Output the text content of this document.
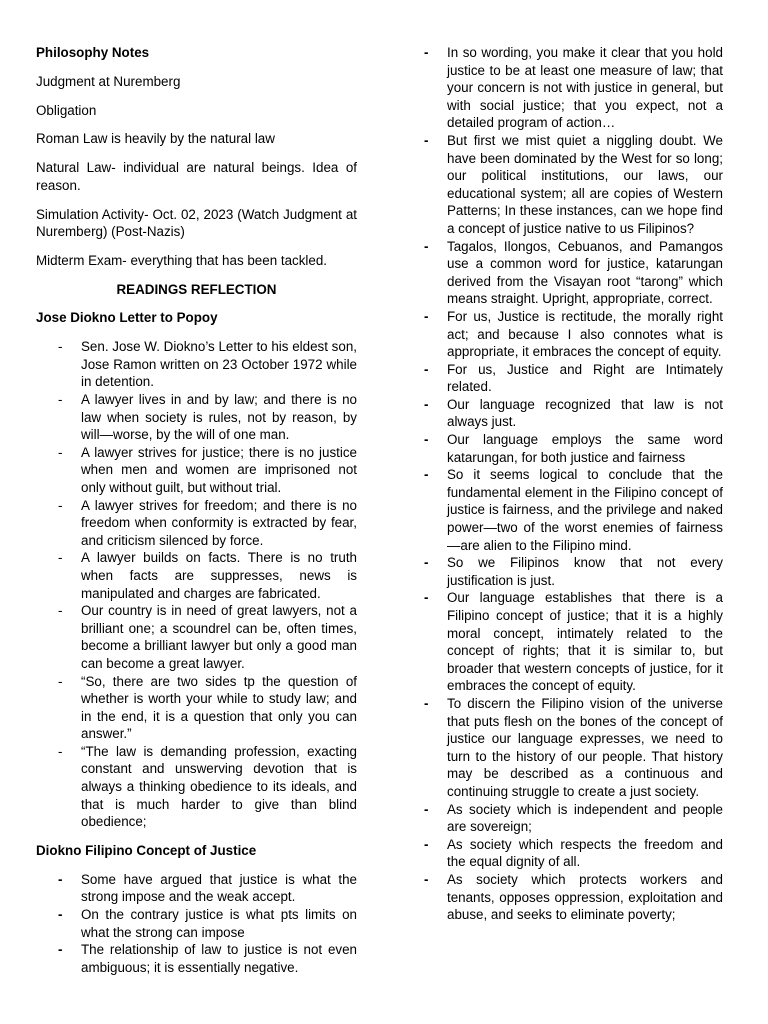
Philosophy Notes

Judgment at Nuremberg

Obligation

Roman Law is heavily by the natural law

Natural Law- individual are natural beings. Idea of reason.

Simulation Activity- Oct. 02, 2023 (Watch Judgment at Nuremberg) (Post-Nazis)

Midterm Exam- everything that has been tackled.

READINGS REFLECTION

Jose Diokno Letter to Popoy

- Sen. Jose W. Diokno’s Letter to his eldest son, Jose Ramon written on 23 October 1972 while in detention.
- A lawyer lives in and by law; and there is no law when society is rules, not by reason, by will—worse, by the will of one man.
- A lawyer strives for justice; there is no justice when men and women are imprisoned not only without guilt, but without trial.
- A lawyer strives for freedom; and there is no freedom when conformity is extracted by fear, and criticism silenced by force.
- A lawyer builds on facts. There is no truth when facts are suppresses, news is manipulated and charges are fabricated.
- Our country is in need of great lawyers, not a brilliant one; a scoundrel can be, often times, become a brilliant lawyer but only a good man can become a great lawyer.
- “So, there are two sides tp the question of whether is worth your while to study law; and in the end, it is a question that only you can answer.”
- “The law is demanding profession, exacting constant and unswerving devotion that is always a thinking obedience to its ideals, and that is much harder to give than blind obedience;

Diokno Filipino Concept of Justice

- Some have argued that justice is what the strong impose and the weak accept.
- On the contrary justice is what pts limits on what the strong can impose
- The relationship of law to justice is not even ambiguous; it is essentially negative.
- In so wording, you make it clear that you hold justice to be at least one measure of law; that your concern is not with justice in general, but with social justice; that you expect, not a detailed program of action…
- But first we mist quiet a niggling doubt. We have been dominated by the West for so long; our political institutions, our laws, our educational system; all are copies of Western Patterns; In these instances, can we hope find a concept of justice native to us Filipinos?
- Tagalos, Ilongos, Cebuanos, and Pamangos use a common word for justice, katarungan derived from the Visayan root “tarong” which means straight. Upright, appropriate, correct.
- For us, Justice is rectitude, the morally right act; and because I also connotes what is appropriate, it embraces the concept of equity.
- For us, Justice and Right are Intimately related.
- Our language recognized that law is not always just.
- Our language employs the same word katarungan, for both justice and fairness
- So it seems logical to conclude that the fundamental element in the Filipino concept of justice is fairness, and the privilege and naked power—two of the worst enemies of fairness—are alien to the Filipino mind.
- So we Filipinos know that not every justification is just.
- Our language establishes that there is a Filipino concept of justice; that it is a highly moral concept, intimately related to the concept of rights; that it is similar to, but broader that western concepts of justice, for it embraces the concept of equity.
- To discern the Filipino vision of the universe that puts flesh on the bones of the concept of justice our language expresses, we need to turn to the history of our people. That history may be described as a continuous and continuing struggle to create a just society.
- As society which is independent and people are sovereign;
- As society which respects the freedom and the equal dignity of all.
- As society which protects workers and tenants, opposes oppression, exploitation and abuse, and seeks to eliminate poverty;
